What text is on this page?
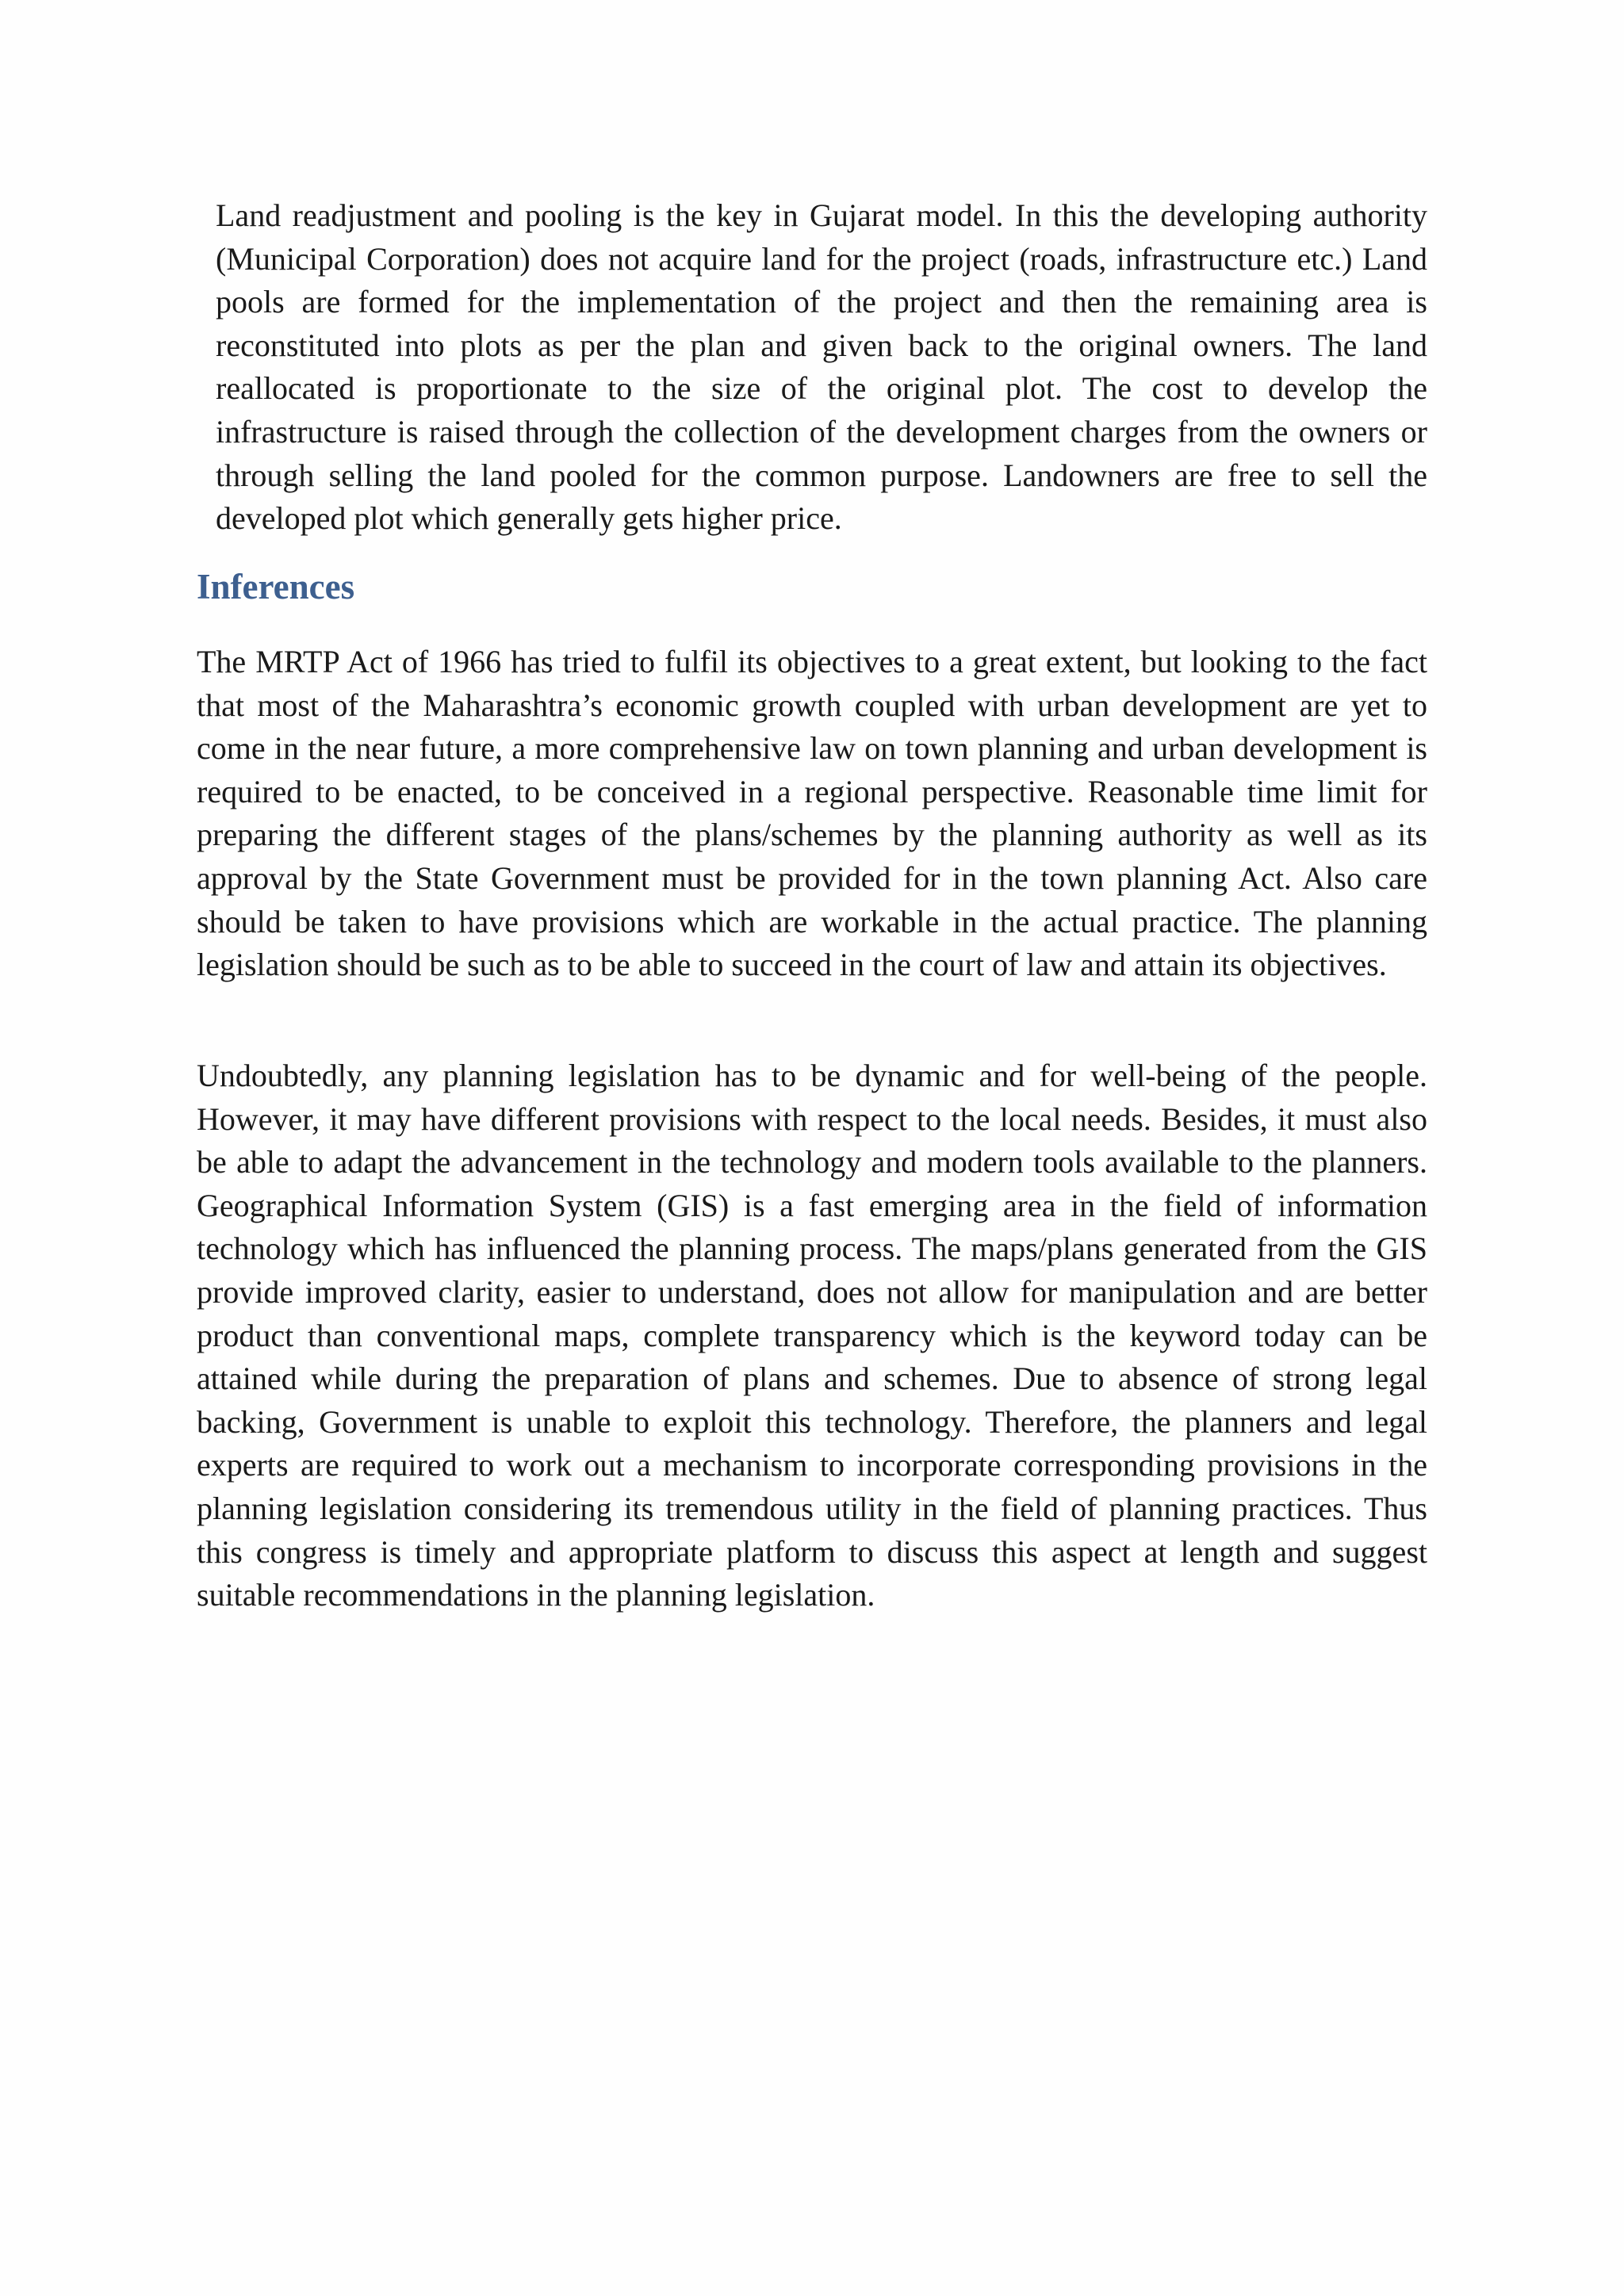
Land readjustment and pooling is the key in Gujarat model. In this the developing authority (Municipal Corporation) does not acquire land for the project (roads, infrastructure etc.) Land pools are formed for the implementation of the project and then the remaining area is reconstituted into plots as per the plan and given back to the original owners. The land reallocated is proportionate to the size of the original plot. The cost to develop the infrastructure is raised through the collection of the development charges from the owners or through selling the land pooled for the common purpose. Landowners are free to sell the developed plot which generally gets higher price.

Inferences

The MRTP Act of 1966 has tried to fulfil its objectives to a great extent, but looking to the fact that most of the Maharashtra’s economic growth coupled with urban development are yet to come in the near future, a more comprehensive law on town planning and urban development is required to be enacted, to be conceived in a regional perspective. Reasonable time limit for preparing the different stages of the plans/schemes by the planning authority as well as its approval by the State Government must be provided for in the town planning Act. Also care should be taken to have provisions which are workable in the actual practice. The planning legislation should be such as to be able to succeed in the court of law and attain its objectives.

Undoubtedly, any planning legislation has to be dynamic and for well-being of the people. However, it may have different provisions with respect to the local needs. Besides, it must also be able to adapt the advancement in the technology and modern tools available to the planners. Geographical Information System (GIS) is a fast emerging area in the field of information technology which has influenced the planning process. The maps/plans generated from the GIS provide improved clarity, easier to understand, does not allow for manipulation and are better product than conventional maps, complete transparency which is the keyword today can be attained while during the preparation of plans and schemes. Due to absence of strong legal backing, Government is unable to exploit this technology. Therefore, the planners and legal experts are required to work out a mechanism to incorporate corresponding provisions in the planning legislation considering its tremendous utility in the field of planning practices. Thus this congress is timely and appropriate platform to discuss this aspect at length and suggest suitable recommendations in the planning legislation.
